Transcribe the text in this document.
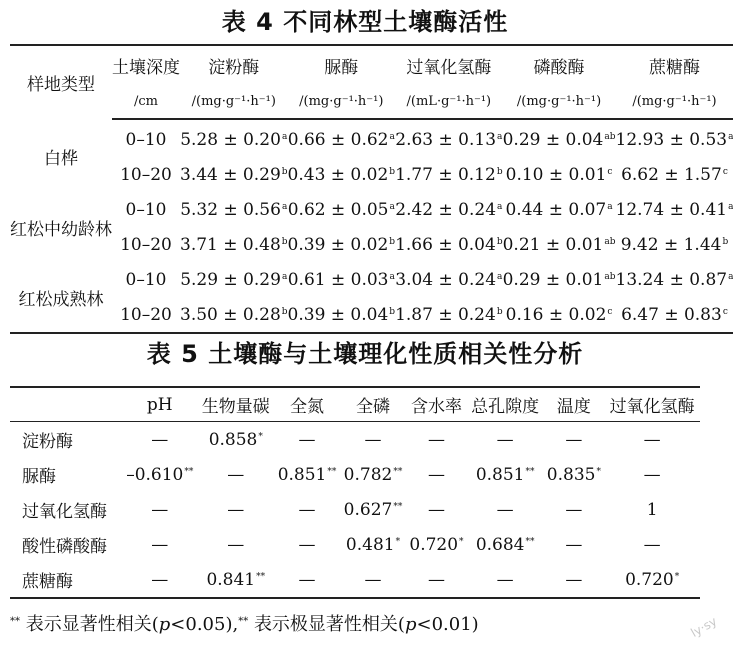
表 4 不同林型土壤酶活性
样地类型	土壤深度	淀粉酶	脲酶	过氧化氢酶	磷酸酶	蔗糖酶
	/cm	/(mg·g⁻¹·h⁻¹)	/(mg·g⁻¹·h⁻¹)	/(mL·g⁻¹·h⁻¹)	/(mg·g⁻¹·h⁻¹)	/(mg·g⁻¹·h⁻¹)
白桦	0–10	5.28 ± 0.20$^a$	0.66 ± 0.62$^a$	2.63 ± 0.13$^a$	0.29 ± 0.04$^{ab}$	12.93 ± 0.53$^a$
	10–20	3.44 ± 0.29$^b$	0.43 ± 0.02$^b$	1.77 ± 0.12$^b$	0.10 ± 0.01$^c$	6.62 ± 1.57$^c$
红松中幼龄林	0–10	5.32 ± 0.56$^a$	0.62 ± 0.05$^a$	2.42 ± 0.24$^a$	0.44 ± 0.07$^a$	12.74 ± 0.41$^a$
	10–20	3.71 ± 0.48$^b$	0.39 ± 0.02$^b$	1.66 ± 0.04$^b$	0.21 ± 0.01$^{ab}$	9.42 ± 1.44$^b$
红松成熟林	0–10	5.29 ± 0.29$^a$	0.61 ± 0.03$^a$	3.04 ± 0.24$^a$	0.29 ± 0.01$^{ab}$	13.24 ± 0.87$^a$
	10–20	3.50 ± 0.28$^b$	0.39 ± 0.04$^b$	1.87 ± 0.24$^b$	0.16 ± 0.02$^c$	6.47 ± 0.83$^c$
表 5 土壤酶与土壤理化性质相关性分析
	pH	生物量碳	全氮	全磷	含水率	总孔隙度	温度	过氧化氢酶
淀粉酶	—	0.858*	—	—	—	—	—	—
脲酶	–0.610**	—	0.851**	0.782**	—	0.851**	0.835*	—
过氧化氢酶	—	—	—	0.627**	—	—	—	1
酸性磷酸酶	—	—	—	0.481*	0.720*	0.684**	—	—
蔗糖酶	—	0.841**	—	—	—	—	—	0.720*

** 表示显著性相关(p<0.05),** 表示极显著性相关(p<0.01)	ly·sy
